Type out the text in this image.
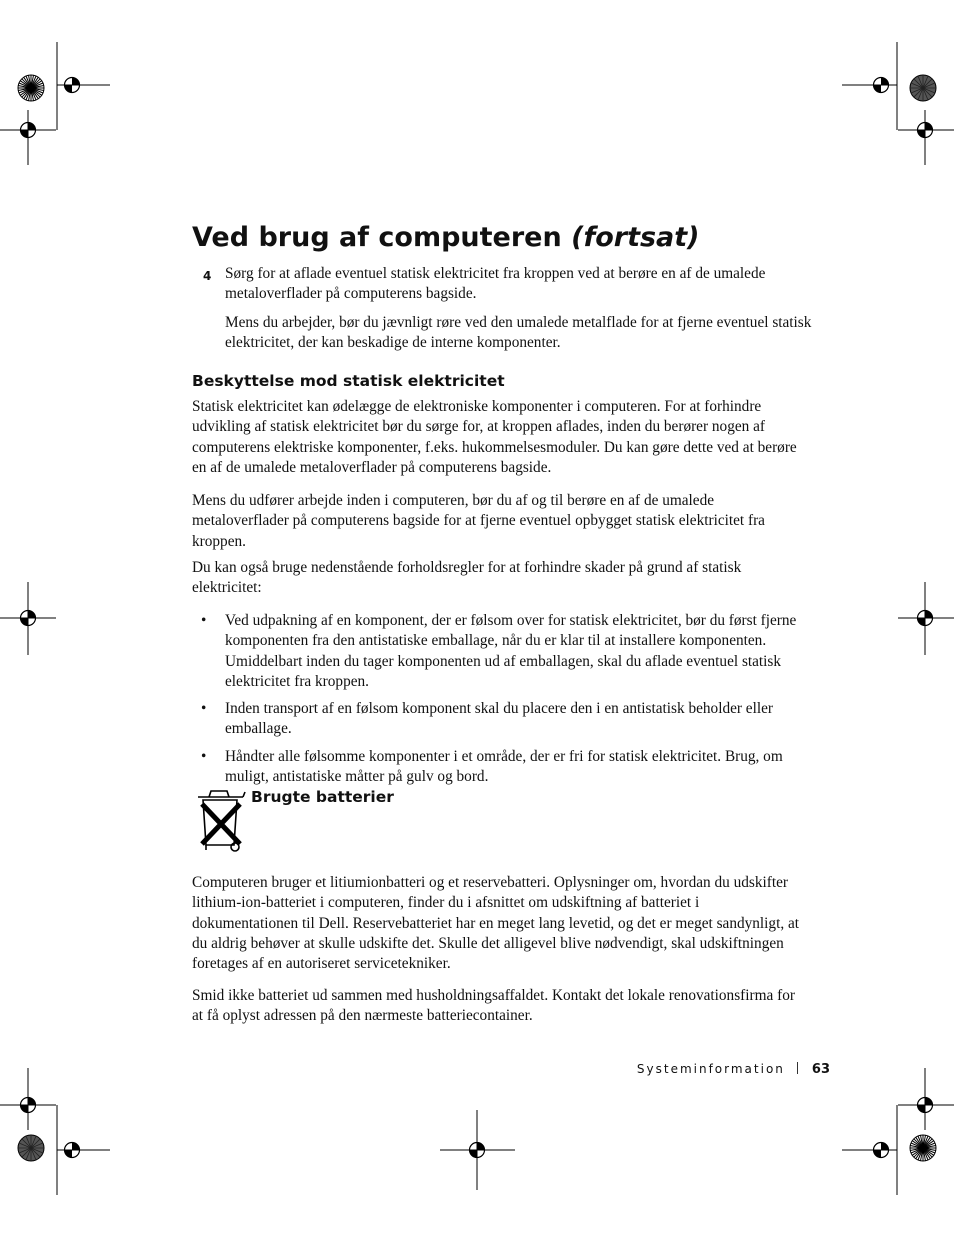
Ved brug af computeren (fortsat)
4 Sørg for at aflade eventuel statisk elektricitet fra kroppen ved at berøre en af de umalede metaloverflader på computerens bagside.

Mens du arbejder, bør du jævnligt røre ved den umalede metalflade for at fjerne eventuel statisk elektricitet, der kan beskadige de interne komponenter.

Beskyttelse mod statisk elektricitet

Statisk elektricitet kan ødelægge de elektroniske komponenter i computeren. For at forhindre udvikling af statisk elektricitet bør du sørge for, at kroppen aflades, inden du berører nogen af computerens elektriske komponenter, f.eks. hukommelsesmoduler. Du kan gøre dette ved at berøre en af de umalede metaloverflader på computerens bagside.

Mens du udfører arbejde inden i computeren, bør du af og til berøre en af de umalede metaloverflader på computerens bagside for at fjerne eventuel opbygget statisk elektricitet fra kroppen.

Du kan også bruge nedenstående forholdsregler for at forhindre skader på grund af statisk elektricitet:

• Ved udpakning af en komponent, der er følsom over for statisk elektricitet, bør du først fjerne komponenten fra den antistatiske emballage, når du er klar til at installere komponenten. Umiddelbart inden du tager komponenten ud af emballagen, skal du aflade eventuel statisk elektricitet fra kroppen.
• Inden transport af en følsom komponent skal du placere den i en antistatisk beholder eller emballage.
• Håndter alle følsomme komponenter i et område, der er fri for statisk elektricitet. Brug, om muligt, antistatiske måtter på gulv og bord.
Brugte batterier

Computeren bruger et litiumionbatteri og et reservebatteri. Oplysninger om, hvordan du udskifter lithium-ion-batteriet i computeren, finder du i afsnittet om udskiftning af batteriet i dokumentationen til Dell. Reservebatteriet har en meget lang levetid, og det er meget sandynligt, at du aldrig behøver at skulle udskifte det. Skulle det alligevel blive nødvendigt, skal udskiftningen foretages af en autoriseret servicetekniker.

Smid ikke batteriet ud sammen med husholdningsaffaldet. Kontakt det lokale renovationsfirma for at få oplyst adressen på den nærmeste batteriecontainer.

Systeminformation 63
